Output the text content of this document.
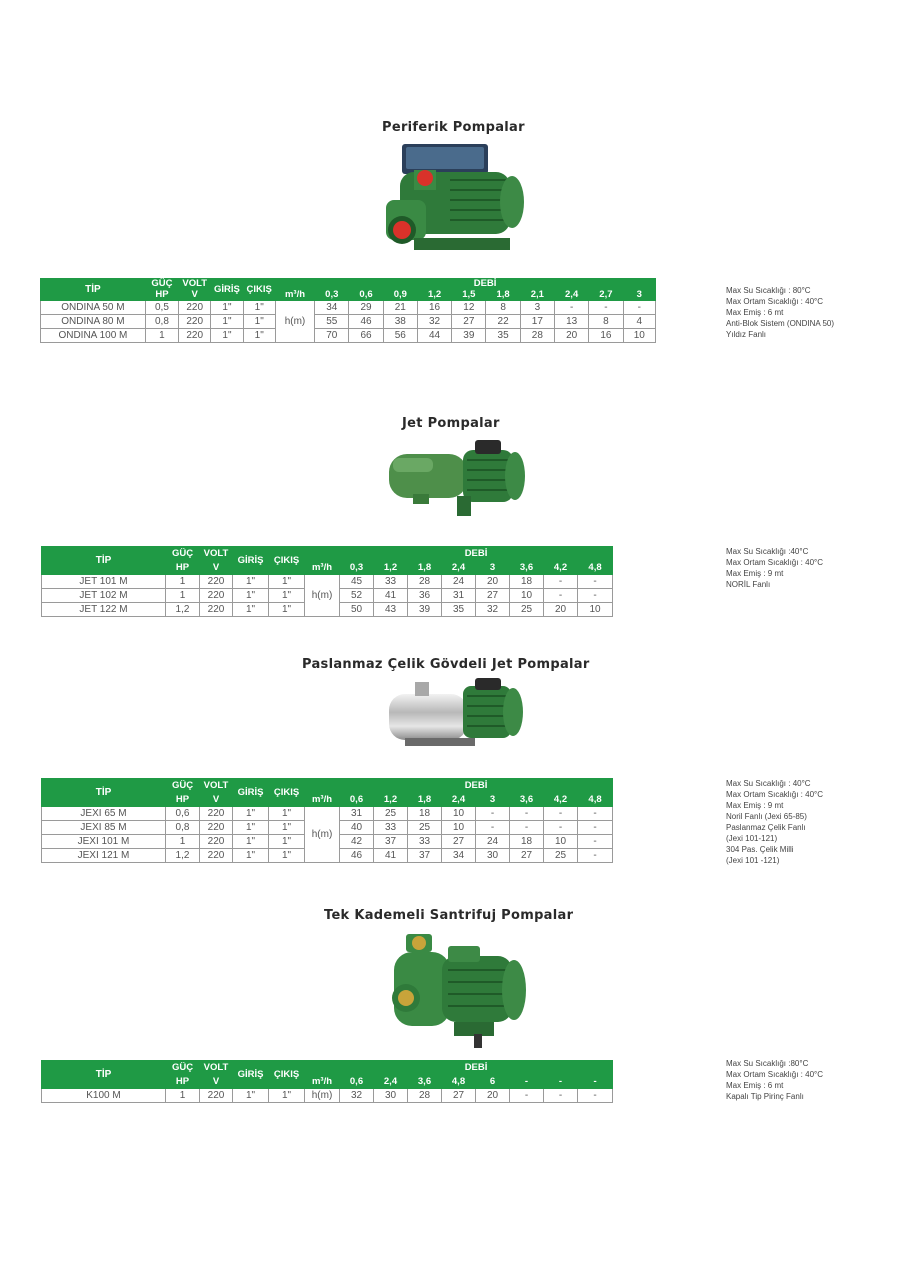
Periferik Pompalar
TİP	GÜÇ	VOLT	GİRİŞ	ÇIKIŞ		DEBİ									
	HP	V			m³/h	0,3	0,6	0,9	1,2	1,5	1,8	2,1	2,4	2,7	3
ONDINA 50 M	0,5	220	1"	1"	h(m)	34	29	21	16	12	8	3	-	-	-
ONDINA 80 M	0,8	220	1"	1"		55	46	38	32	27	22	17	13	8	4
ONDINA 100 M	1	220	1"	1"		70	66	56	44	39	35	28	20	16	10
Max Su Sıcaklığı : 80°C
Max Ortam Sıcaklığı : 40°C
Max Emiş : 6 mt
Anti-Blok Sistem (ONDINA 50)
Yıldız Fanlı
Jet Pompalar
TİP	GÜÇ	VOLT	GİRİŞ	ÇIKIŞ		DEBİ							
	HP	V			m³/h	0,3	1,2	1,8	2,4	3	3,6	4,2	4,8
JET 101 M	1	220	1"	1"	h(m)	45	33	28	24	20	18	-	-
JET 102 M	1	220	1"	1"		52	41	36	31	27	10	-	-
JET 122 M	1,2	220	1"	1"		50	43	39	35	32	25	20	10
Max Su Sıcaklığı :40°C
Max Ortam Sıcaklığı : 40°C
Max Emiş : 9 mt
NORİL Fanlı
Paslanmaz Çelik Gövdeli Jet Pompalar
TİP	GÜÇ	VOLT	GİRİŞ	ÇIKIŞ		DEBİ							
	HP	V			m³/h	0,6	1,2	1,8	2,4	3	3,6	4,2	4,8
JEXI 65 M	0,6	220	1"	1"	h(m)	31	25	18	10	-	-	-	-
JEXI 85 M	0,8	220	1"	1"		40	33	25	10	-	-	-	-
JEXI 101 M	1	220	1"	1"		42	37	33	27	24	18	10	-
JEXI 121 M	1,2	220	1"	1"		46	41	37	34	30	27	25	-
Max Su Sıcaklığı : 40°C
Max Ortam Sıcaklığı : 40°C
Max Emiş : 9 mt
Noril Fanlı (Jexi 65-85)
Paslanmaz Çelik Fanlı
(Jexi 101-121)
304 Pas. Çelik Milli
(Jexi 101 -121)
Tek Kademeli Santrifuj Pompalar
TİP	GÜÇ	VOLT	GİRİŞ	ÇIKIŞ		DEBİ							
	HP	V			m³/h	0,6	2,4	3,6	4,8	6	-	-	-
K100 M	1	220	1"	1"	h(m)	32	30	28	27	20	-	-	-
Max Su Sıcaklığı :80°C
Max Ortam Sıcaklığı : 40°C
Max Emiş : 6 mt
Kapalı Tip Pirinç Fanlı
